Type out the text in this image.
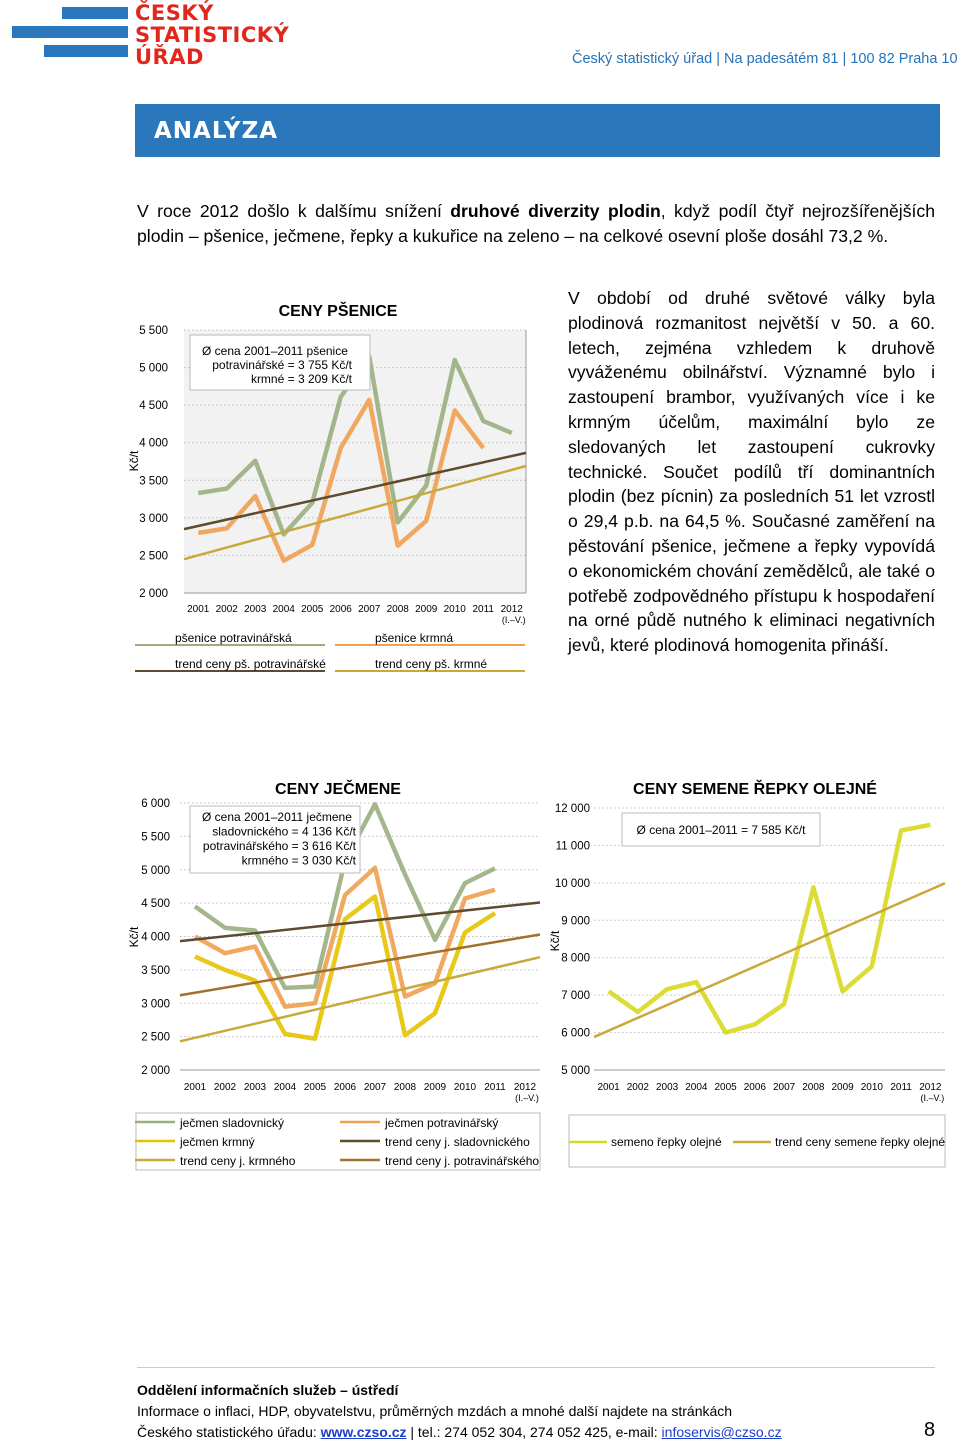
ČESKÝ
STATISTICKÝ
ÚŘAD	Český statistický úřad | Na padesátém 81 | 100 82 Praha 10
ANALÝZA
V roce 2012 došlo k dalšímu snížení druhové diverzity plodin, když podíl čtyř nejrozšířenějších plodin – pšenice, ječmene, řepky a kukuřice na zeleno – na celkové osevní ploše dosáhl 73,2 %.
V období od druhé světové války byla plodinová rozmanitost největší v 50. a 60. letech, zejména vzhledem k druhově vyváženému obilnářství. Významné bylo i zastoupení brambor, využívaných více i ke krmným účelům, maximální bylo ze sledovaných let zastoupení cukrovky technické. Součet podílů tří dominantních plodin (bez pícnin) za posledních 51 let vzrostl o 29,4 p.b. na 64,5 %. Současné zaměření na pěstování pšenice, ječmene a řepky vypovídá o ekonomickém chování zemědělců, ale také o potřebě zodpovědného přístupu k hospodaření na orné půdě nutného k eliminaci negativních jevů, které plodinová homogenita přináší.
2 000
2 500
3 000
3 500
4 000
4 500
5 000
5 500
Kč/t
2001 2002 2003 2004 2005 2006 2007 2008 2009 2010 2011 2012
(I.–V.)
CENY PŠENICE
Ø cena 2001–2011 pšenice
potravinářské = 3 755 Kč/t
krmné = 3 209 Kč/t
pšenice potravinářská	pšenice krmná
trend ceny pš. potravinářské	trend ceny pš. krmné
2 000
2 500
3 000
3 500
4 000
4 500
5 000
5 500
6 000
Kč/t
2001 2002 2003 2004 2005 2006 2007 2008 2009 2010 2011 2012
(I.–V.)
CENY JEČMENE
Ø cena 2001–2011 ječmene
sladovnického = 4 136 Kč/t
potravinářského = 3 616 Kč/t
krmného = 3 030 Kč/t
ječmen sladovnický	ječmen potravinářský
ječmen krmný	trend ceny j. sladovnického
trend ceny j. krmného	trend ceny j. potravinářského
5 000
6 000
7 000
8 000
9 000
10 000
11 000
12 000
Kč/t
2001 2002 2003 2004 2005 2006 2007 2008 2009 2010 2011 2012
(I.–V.)
CENY SEMENE ŘEPKY OLEJNÉ
Ø cena 2001–2011 = 7 585 Kč/t
semeno řepky olejné	trend ceny semene řepky olejné
Oddělení informačních služeb – ústředí
Informace o inflaci, HDP, obyvatelstvu, průměrných mzdách a mnohé další najdete na stránkách
Českého statistického úřadu: www.czso.cz | tel.: 274 052 304, 274 052 425, e-mail: infoservis@czso.cz	8
